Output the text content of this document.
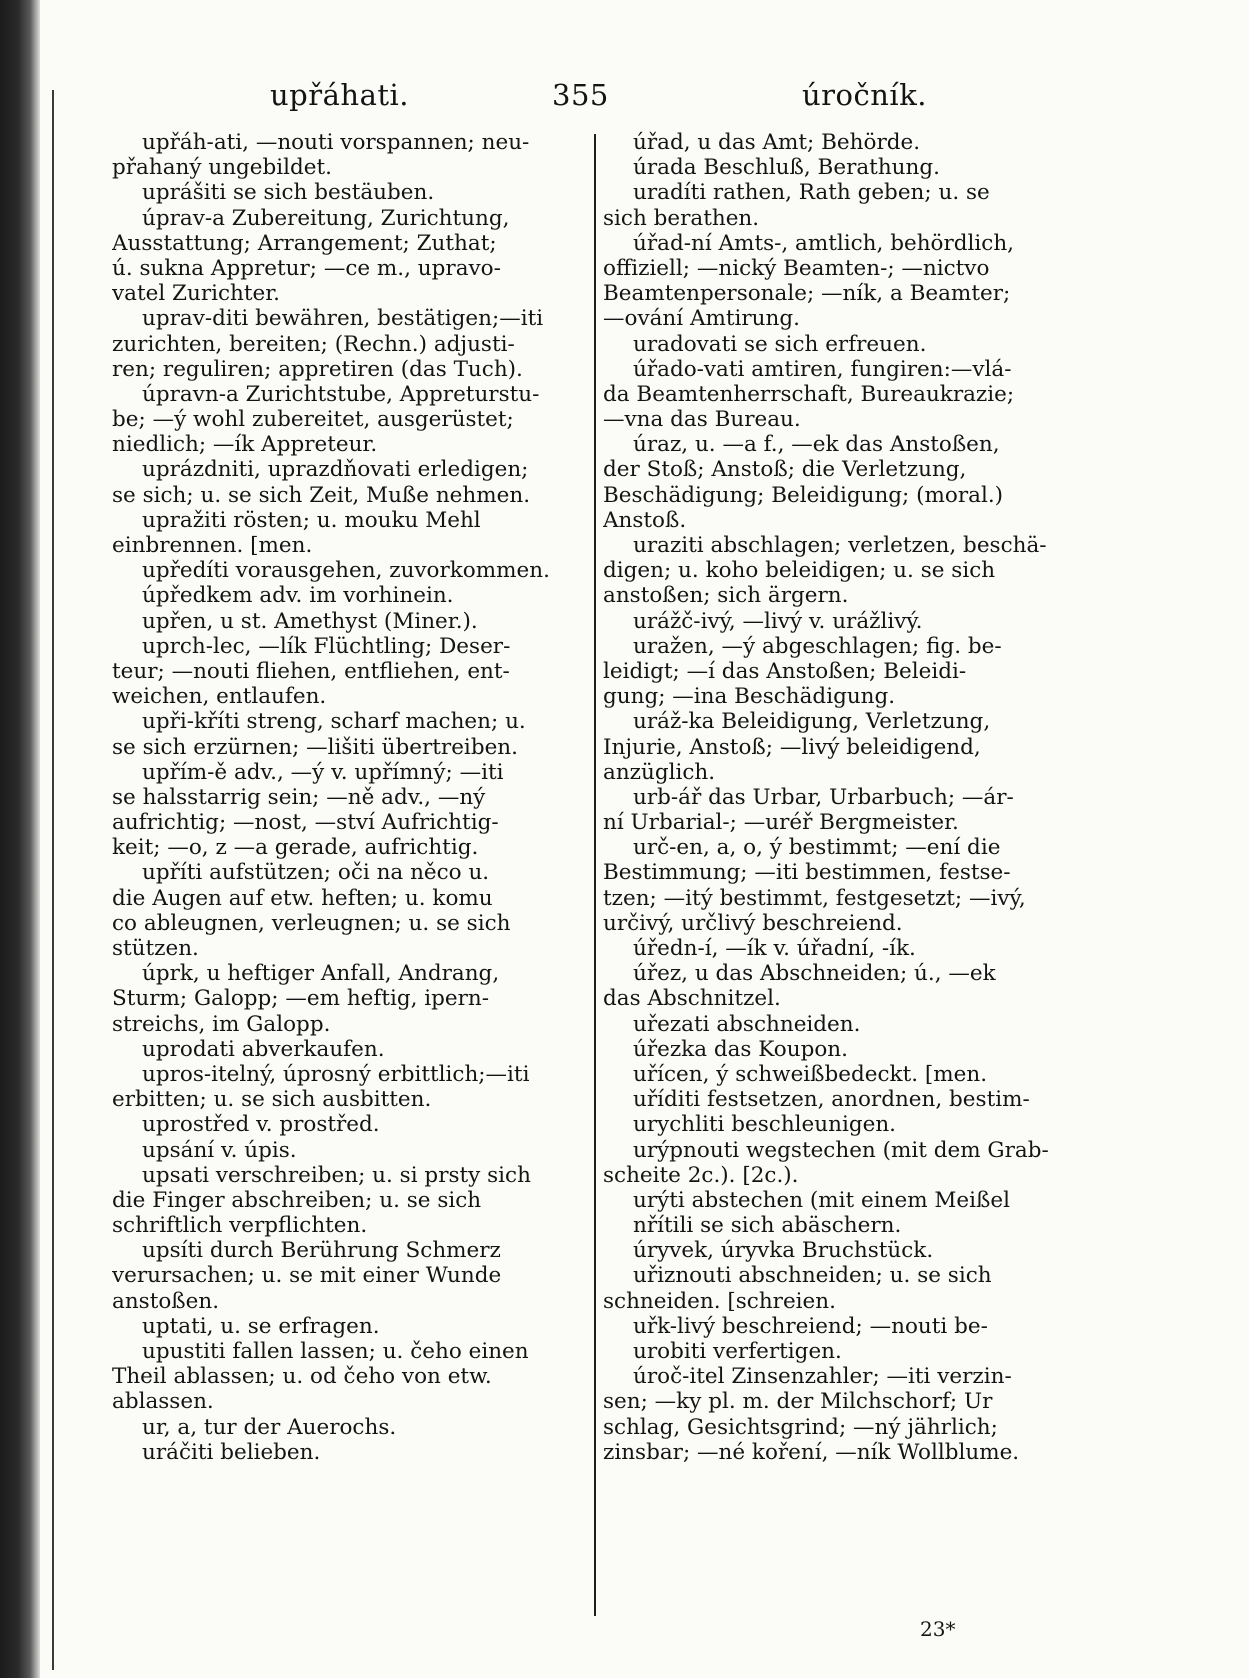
upřáhati.	355	úročník.
upřáh-ati, —nouti vorspannen; neu-
přahaný ungebildet.
uprášiti se sich bestäuben.
úprav-a Zubereitung, Zurichtung,
Ausstattung; Arrangement; Zuthat;
ú. sukna Appretur; —ce m., upravo-
vatel Zurichter.
uprav-diti bewähren, bestätigen;—iti
zurichten, bereiten; (Rechn.) adjusti-
ren; reguliren; appretiren (das Tuch).
úpravn-a Zurichtstube, Appreturstu-
be; —ý wohl zubereitet, ausgerüstet;
niedlich; —ík Appreteur.
uprázdniti, uprazdňovati erledigen;
se sich; u. se sich Zeit, Muße nehmen.
upražiti rösten; u. mouku Mehl
einbrennen. [men.
upředíti vorausgehen, zuvorkommen.
úpředkem adv. im vorhinein.
upřen, u st. Amethyst (Miner.).
uprch-lec, —lík Flüchtling; Deser-
teur; —nouti fliehen, entfliehen, ent-
weichen, entlaufen.
upři-kříti streng, scharf machen; u.
se sich erzürnen; —lišiti übertreiben.
upřím-ě adv., —ý v. upřímný; —iti
se halsstarrig sein; —ně adv., —ný
aufrichtig; —nost, —ství Aufrichtig-
keit; —o, z —a gerade, aufrichtig.
upříti aufstützen; oči na něco u.
die Augen auf etw. heften; u. komu
co ableugnen, verleugnen; u. se sich
stützen.
úprk, u heftiger Anfall, Andrang,
Sturm; Galopp; —em heftig, ipern-
streichs, im Galopp.
uprodati abverkaufen.
upros-itelný, úprosný erbittlich;—iti
erbitten; u. se sich ausbitten.
uprostřed v. prostřed.
upsání v. úpis.
upsati verschreiben; u. si prsty sich
die Finger abschreiben; u. se sich
schriftlich verpflichten.
upsíti durch Berührung Schmerz
verursachen; u. se mit einer Wunde
anstoßen.
uptati, u. se erfragen.
upustiti fallen lassen; u. čeho einen
Theil ablassen; u. od čeho von etw.
ablassen.
ur, a, tur der Auerochs.
uráčiti belieben.
úřad, u das Amt; Behörde.
úrada Beschluß, Berathung.
uradíti rathen, Rath geben; u. se
sich berathen.
úřad-ní Amts-, amtlich, behördlich,
offiziell; —nický Beamten-; —nictvo
Beamtenpersonale; —ník, a Beamter;
—ování Amtirung.
uradovati se sich erfreuen.
úřado-vati amtiren, fungiren:—vlá-
da Beamtenherrschaft, Bureaukrazie;
—vna das Bureau.
úraz, u. —a f., —ek das Anstoßen,
der Stoß; Anstoß; die Verletzung,
Beschädigung; Beleidigung; (moral.)
Anstoß.
uraziti abschlagen; verletzen, beschä-
digen; u. koho beleidigen; u. se sich
anstoßen; sich ärgern.
urážč-ivý, —livý v. urážlivý.
uražen, —ý abgeschlagen; fig. be-
leidigt; —í das Anstoßen; Beleidi-
gung; —ina Beschädigung.
uráž-ka Beleidigung, Verletzung,
Injurie, Anstoß; —livý beleidigend,
anzüglich.
urb-ář das Urbar, Urbarbuch; —ár-
ní Urbarial-; —uréř Bergmeister.
urč-en, a, o, ý bestimmt; —ení die
Bestimmung; —iti bestimmen, festse-
tzen; —itý bestimmt, festgesetzt; —ivý,
určivý, určlivý beschreiend.
úředn-í, —ík v. úřadní, -ík.
úřez, u das Abschneiden; ú., —ek
das Abschnitzel.
uřezati abschneiden.
úřezka das Koupon.
uřícen, ý schweißbedeckt. [men.
uříditi festsetzen, anordnen, bestim-
urychliti beschleunigen.
urýpnouti wegstechen (mit dem Grab-
scheite 2c.). [2c.).
urýti abstechen (mit einem Meißel
nřítili se sich abäschern.
úryvek, úryvka Bruchstück.
uřiznouti abschneiden; u. se sich
schneiden. [schreien.
uřk-livý beschreiend; —nouti be-
urobiti verfertigen.
úroč-itel Zinsenzahler; —iti verzin-
sen; —ky pl. m. der Milchschorf; Ur
schlag, Gesichtsgrind; —ný jährlich;
zinsbar; —né koření, —ník Wollblume.
23*
